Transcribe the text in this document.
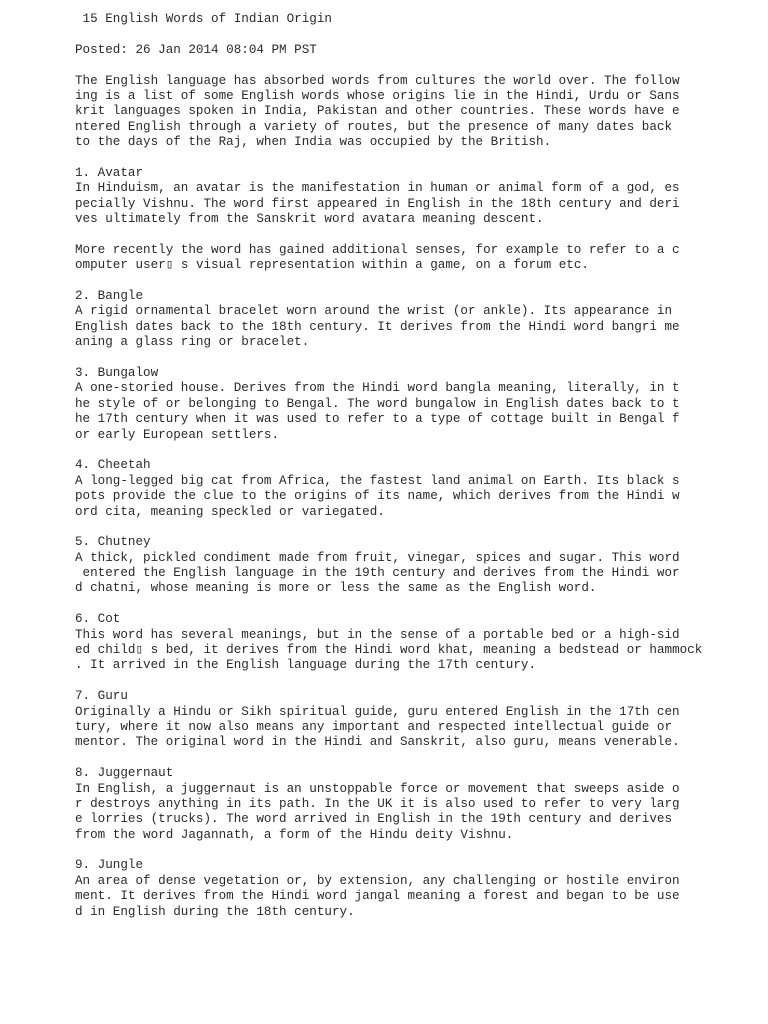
15 English Words of Indian Origin
Posted: 26 Jan 2014 08:04 PM PST
The English language has absorbed words from cultures the world over. The follow
ing is a list of some English words whose origins lie in the Hindi, Urdu or Sans
krit languages spoken in India, Pakistan and other countries. These words have e
ntered English through a variety of routes, but the presence of many dates back
to the days of the Raj, when India was occupied by the British.
1. Avatar
In Hinduism, an avatar is the manifestation in human or animal form of a god, es
pecially Vishnu. The word first appeared in English in the 18th century and deri
ves ultimately from the Sanskrit word avatara meaning descent.
More recently the word has gained additional senses, for example to refer to a c
omputer user▯ s visual representation within a game, on a forum etc.
2. Bangle
A rigid ornamental bracelet worn around the wrist (or ankle). Its appearance in
English dates back to the 18th century. It derives from the Hindi word bangri me
aning a glass ring or bracelet.
3. Bungalow
A one-storied house. Derives from the Hindi word bangla meaning, literally, in t
he style of or belonging to Bengal. The word bungalow in English dates back to t
he 17th century when it was used to refer to a type of cottage built in Bengal f
or early European settlers.
4. Cheetah
A long-legged big cat from Africa, the fastest land animal on Earth. Its black s
pots provide the clue to the origins of its name, which derives from the Hindi w
ord cita, meaning speckled or variegated.
5. Chutney
A thick, pickled condiment made from fruit, vinegar, spices and sugar. This word
entered the English language in the 19th century and derives from the Hindi wor
d chatni, whose meaning is more or less the same as the English word.
6. Cot
This word has several meanings, but in the sense of a portable bed or a high-sid
ed child▯ s bed, it derives from the Hindi word khat, meaning a bedstead or hammock
. It arrived in the English language during the 17th century.
7. Guru
Originally a Hindu or Sikh spiritual guide, guru entered English in the 17th cen
tury, where it now also means any important and respected intellectual guide or
mentor. The original word in the Hindi and Sanskrit, also guru, means venerable.
8. Juggernaut
In English, a juggernaut is an unstoppable force or movement that sweeps aside o
r destroys anything in its path. In the UK it is also used to refer to very larg
e lorries (trucks). The word arrived in English in the 19th century and derives
from the word Jagannath, a form of the Hindu deity Vishnu.
9. Jungle
An area of dense vegetation or, by extension, any challenging or hostile environ
ment. It derives from the Hindi word jangal meaning a forest and began to be use
d in English during the 18th century.
